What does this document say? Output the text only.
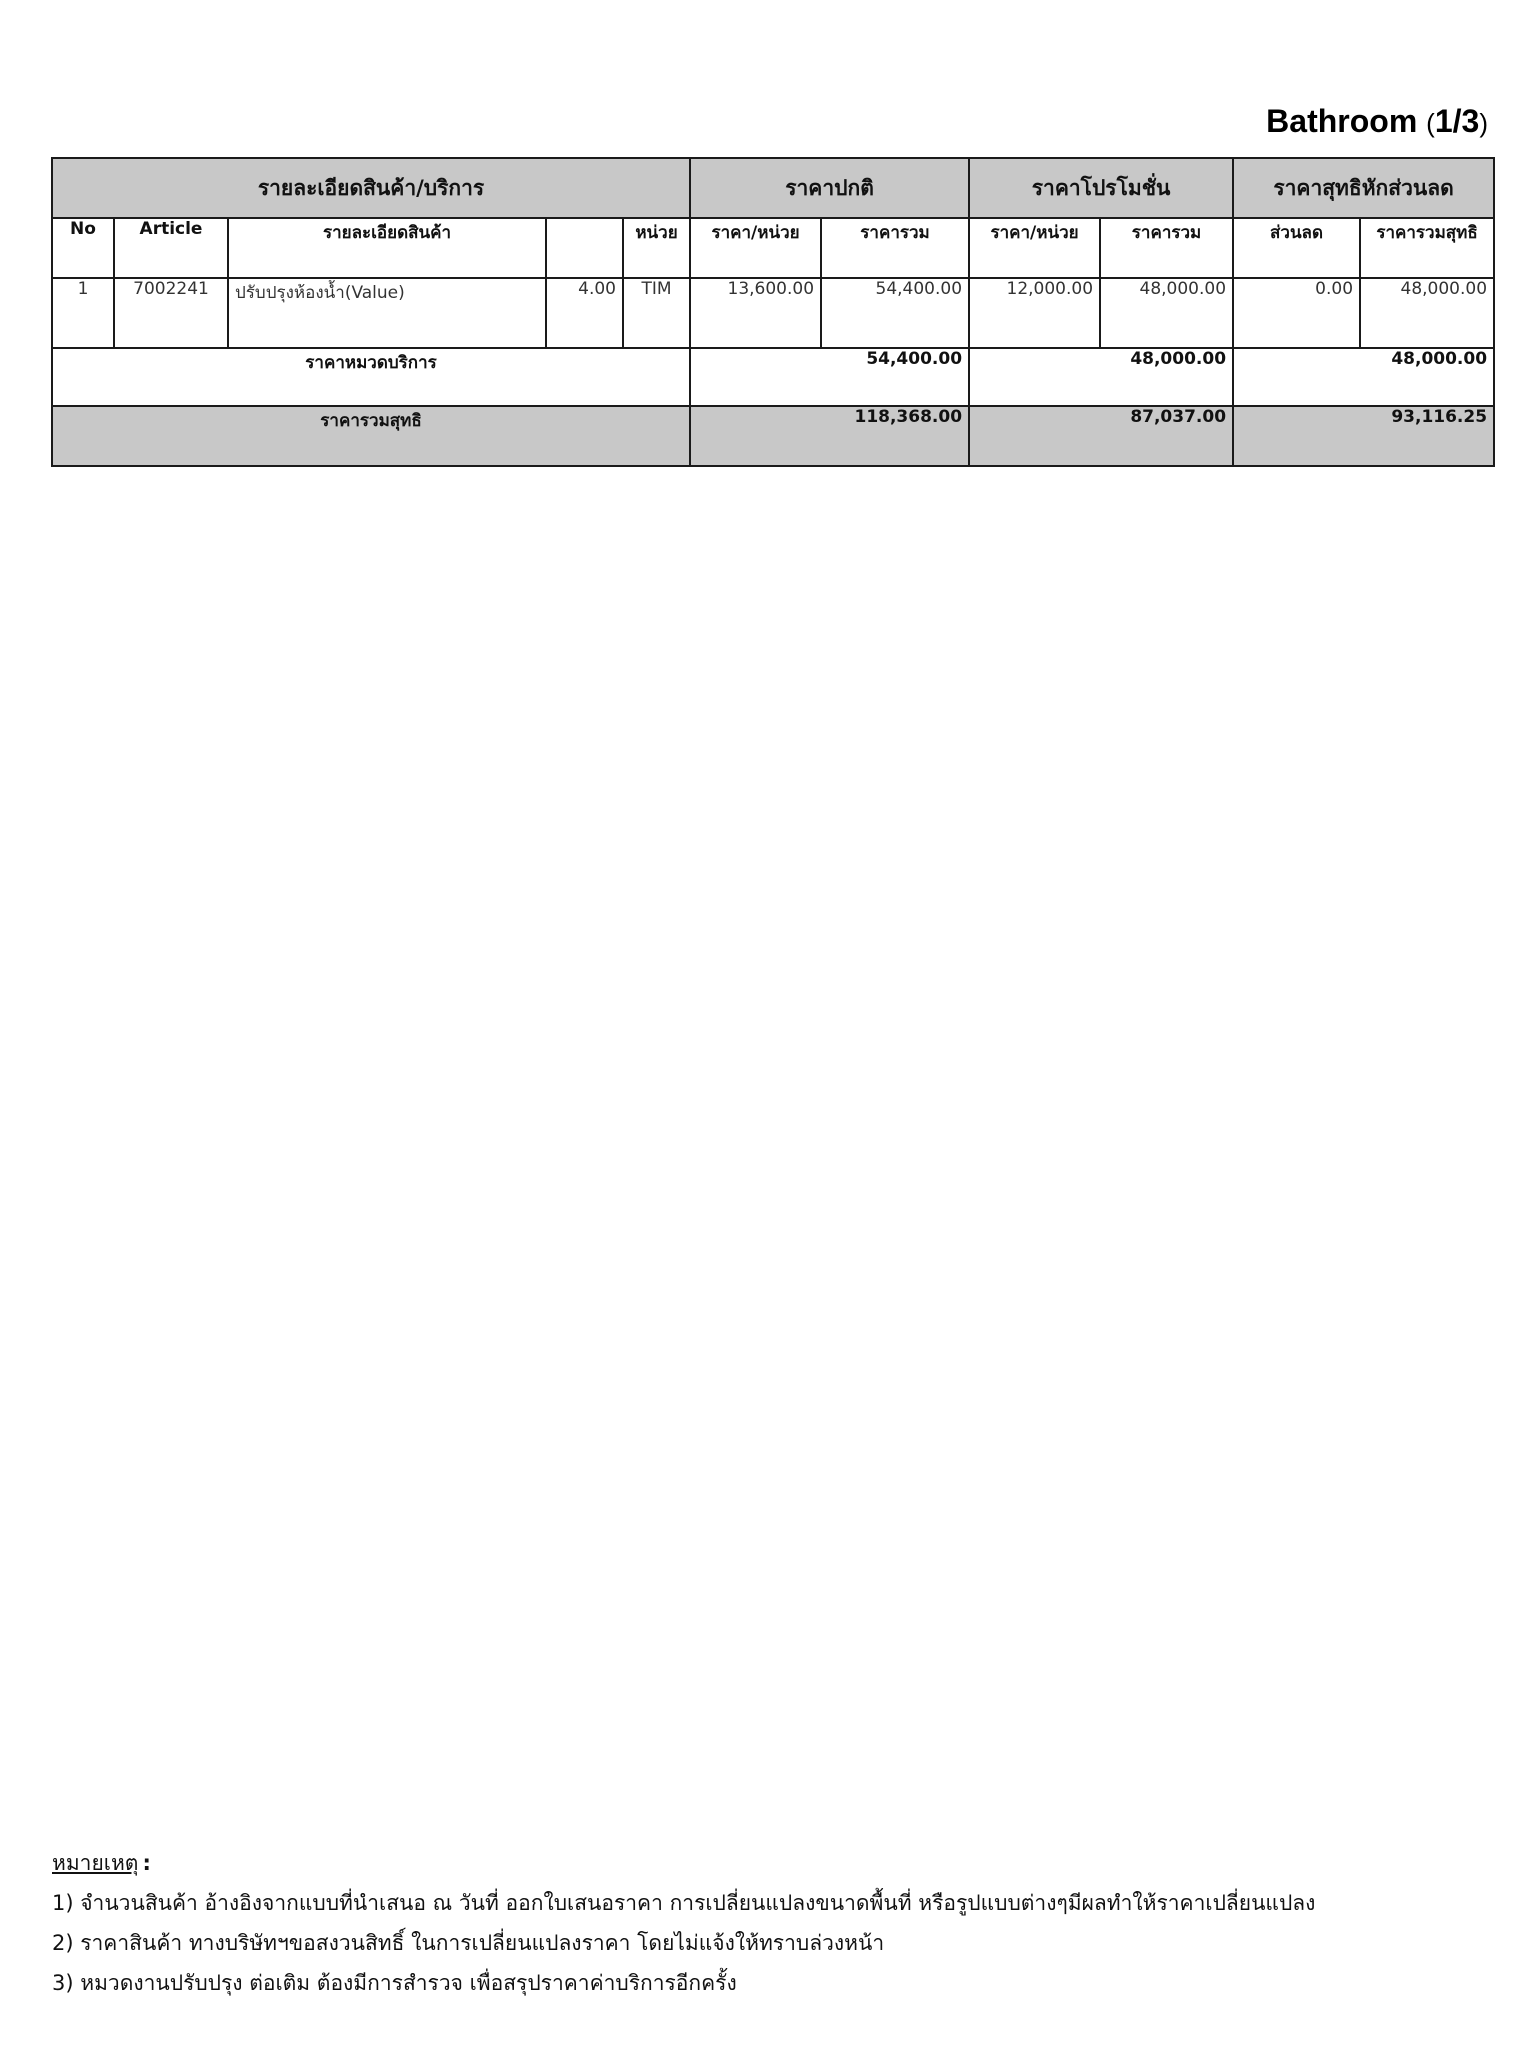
Bathroom (1/3)
รายละเอียดสินค้า/บริการ					ราคาปกติ		ราคาโปรโมชั่น		ราคาสุทธิหักส่วนลด	
No	Article	รายละเอียดสินค้า		หน่วย	ราคา/หน่วย	ราคารวม	ราคา/หน่วย	ราคารวม	ส่วนลด	ราคารวมสุทธิ
1	7002241	ปรับปรุงห้องน้ำ(Value)	4.00	TIM	13,600.00	54,400.00	12,000.00	48,000.00	0.00	48,000.00
ราคาหมวดบริการ					54,400.00		48,000.00		48,000.00	
ราคารวมสุทธิ					118,368.00		87,037.00		93,116.25	
หมายเหตุ :
1) จำนวนสินค้า อ้างอิงจากแบบที่นำเสนอ ณ วันที่ ออกใบเสนอราคา การเปลี่ยนแปลงขนาดพื้นที่ หรือรูปแบบต่างๆมีผลทำให้ราคาเปลี่ยนแปลง
2) ราคาสินค้า ทางบริษัทฯขอสงวนสิทธิ์ ในการเปลี่ยนแปลงราคา โดยไม่แจ้งให้ทราบล่วงหน้า
3) หมวดงานปรับปรุง ต่อเติม ต้องมีการสำรวจ เพื่อสรุปราคาค่าบริการอีกครั้ง
